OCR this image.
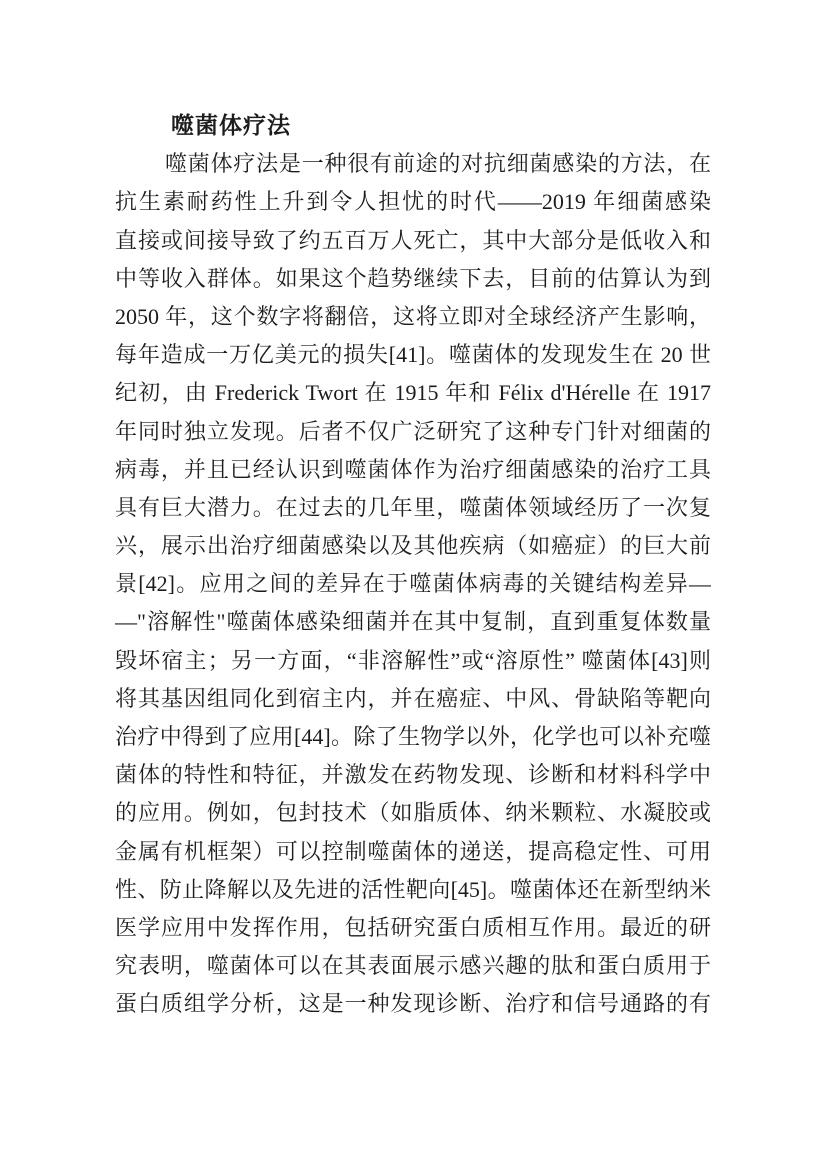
噬菌体疗法
噬菌体疗法是一种很有前途的对抗细菌感染的方法，在
抗生素耐药性上升到令人担忧的时代——2019 年细菌感染
直接或间接导致了约五百万人死亡，其中大部分是低收入和
中等收入群体。如果这个趋势继续下去，目前的估算认为到
2050 年，这个数字将翻倍，这将立即对全球经济产生影响，
每年造成一万亿美元的损失[41]。噬菌体的发现发生在 20 世
纪初，由 Frederick Twort 在 1915 年和 Félix d'Hérelle 在 1917
年同时独立发现。后者不仅广泛研究了这种专门针对细菌的
病毒，并且已经认识到噬菌体作为治疗细菌感染的治疗工具
具有巨大潜力。在过去的几年里，噬菌体领域经历了一次复
兴，展示出治疗细菌感染以及其他疾病（如癌症）的巨大前
景[42]。应用之间的差异在于噬菌体病毒的关键结构差异—
—"溶解性"噬菌体感染细菌并在其中复制，直到重复体数量
毁坏宿主；另一方面，“非溶解性”或“溶原性” 噬菌体[43]则
将其基因组同化到宿主内，并在癌症、中风、骨缺陷等靶向
治疗中得到了应用[44]。除了生物学以外，化学也可以补充噬
菌体的特性和特征，并激发在药物发现、诊断和材料科学中
的应用。例如，包封技术（如脂质体、纳米颗粒、水凝胶或
金属有机框架）可以控制噬菌体的递送，提高稳定性、可用
性、防止降解以及先进的活性靶向[45]。噬菌体还在新型纳米
医学应用中发挥作用，包括研究蛋白质相互作用。最近的研
究表明，噬菌体可以在其表面展示感兴趣的肽和蛋白质用于
蛋白质组学分析，这是一种发现诊断、治疗和信号通路的有
